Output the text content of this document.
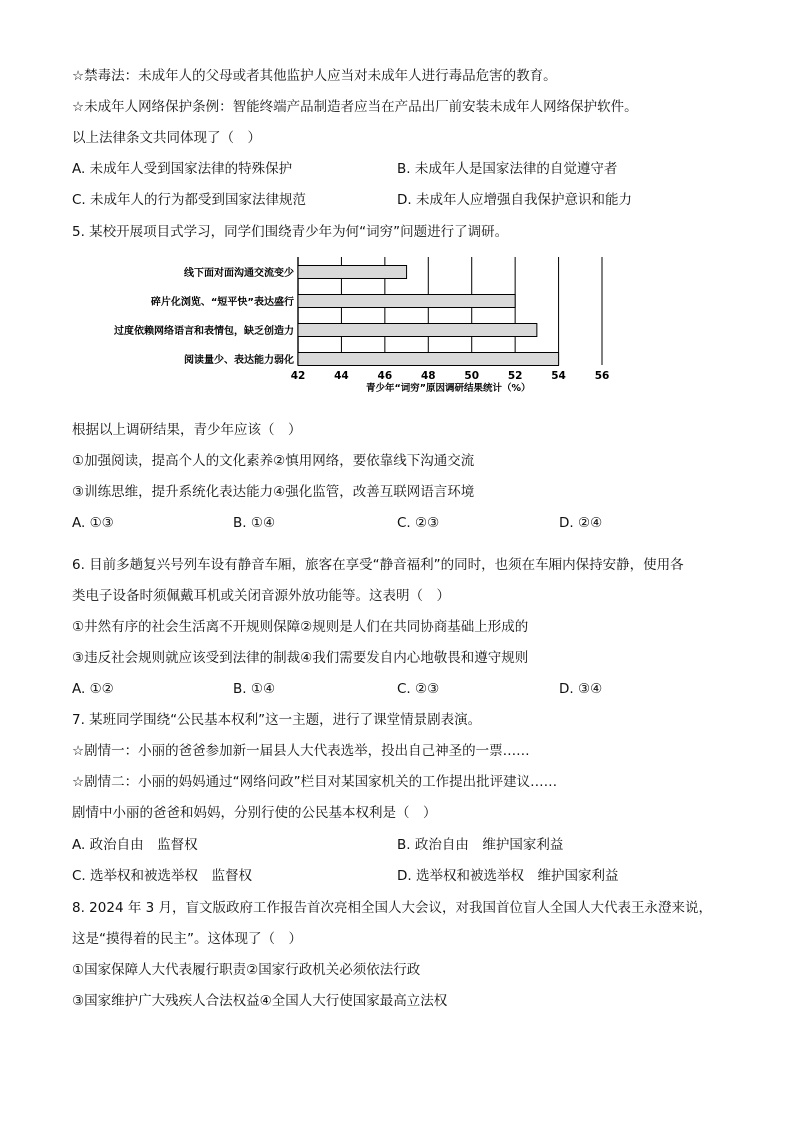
☆禁毒法：未成年人的父母或者其他监护人应当对未成年人进行毒品危害的教育。
☆未成年人网络保护条例：智能终端产品制造者应当在产品出厂前安装未成年人网络保护软件。
以上法律条文共同体现了（　）
A. 未成年人受到国家法律的特殊保护	B. 未成年人是国家法律的自觉遵守者
C. 未成年人的行为都受到国家法律规范	D. 未成年人应增强自我保护意识和能力
5. 某校开展项目式学习，同学们围绕青少年为何“词穷”问题进行了调研。
42	44	46	48	50	52	54	56
线下面对面沟通交流变少
碎片化浏览、“短平快”表达盛行
过度依赖网络语言和表情包，缺乏创造力
阅读量少、表达能力弱化
青少年“词穷”原因调研结果统计（%）
根据以上调研结果，青少年应该（　）
①加强阅读，提高个人的文化素养②慎用网络，要依靠线下沟通交流
③训练思维，提升系统化表达能力④强化监管，改善互联网语言环境
A. ①③	B. ①④	C. ②③	D. ②④
6. 目前多趟复兴号列车设有静音车厢，旅客在享受“静音福利”的同时，也须在车厢内保持安静，使用各
类电子设备时须佩戴耳机或关闭音源外放功能等。这表明（　）
①井然有序的社会生活离不开规则保障②规则是人们在共同协商基础上形成的
③违反社会规则就应该受到法律的制裁④我们需要发自内心地敬畏和遵守规则
A. ①②	B. ①④	C. ②③	D. ③④
7. 某班同学围绕“公民基本权利”这一主题，进行了课堂情景剧表演。
☆剧情一：小丽的爸爸参加新一届县人大代表选举，投出自己神圣的一票……
☆剧情二：小丽的妈妈通过“网络问政”栏目对某国家机关的工作提出批评建议……
剧情中小丽的爸爸和妈妈，分别行使的公民基本权利是（　）
A. 政治自由　监督权	B. 政治自由　维护国家利益
C. 选举权和被选举权　监督权	D. 选举权和被选举权　维护国家利益
8. 2024 年 3 月，盲文版政府工作报告首次亮相全国人大会议，对我国首位盲人全国人大代表王永澄来说，
这是“摸得着的民主”。这体现了（　）
①国家保障人大代表履行职责②国家行政机关必须依法行政
③国家维护广大残疾人合法权益④全国人大行使国家最高立法权
